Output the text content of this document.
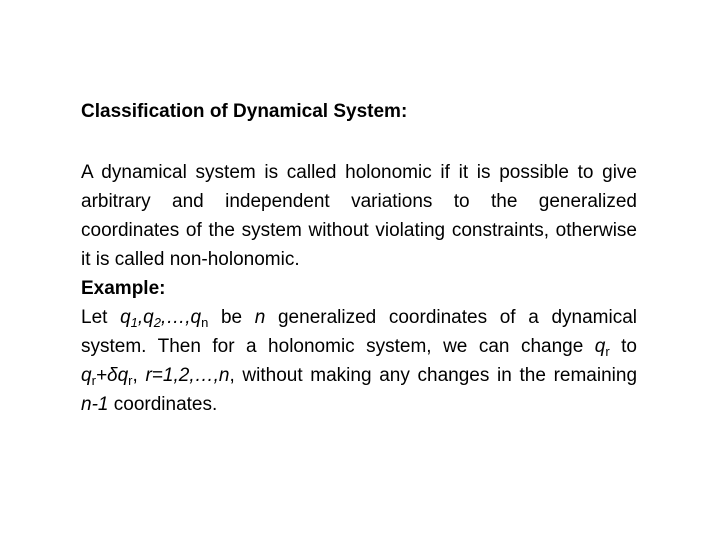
Classification of Dynamical System:

A dynamical system is called holonomic if it is possible to give arbitrary and independent variations to the generalized coordinates of the system without violating constraints, otherwise it is called non-holonomic.

Example:

Let $q_1,q_2,\dots,q_n$ be n generalized coordinates of a dynamical system. Then for a holonomic system, we can change $q_r$ to $q_r+\delta q_r$, r=1,2,…,n, without making any changes in the remaining n-1 coordinates.
